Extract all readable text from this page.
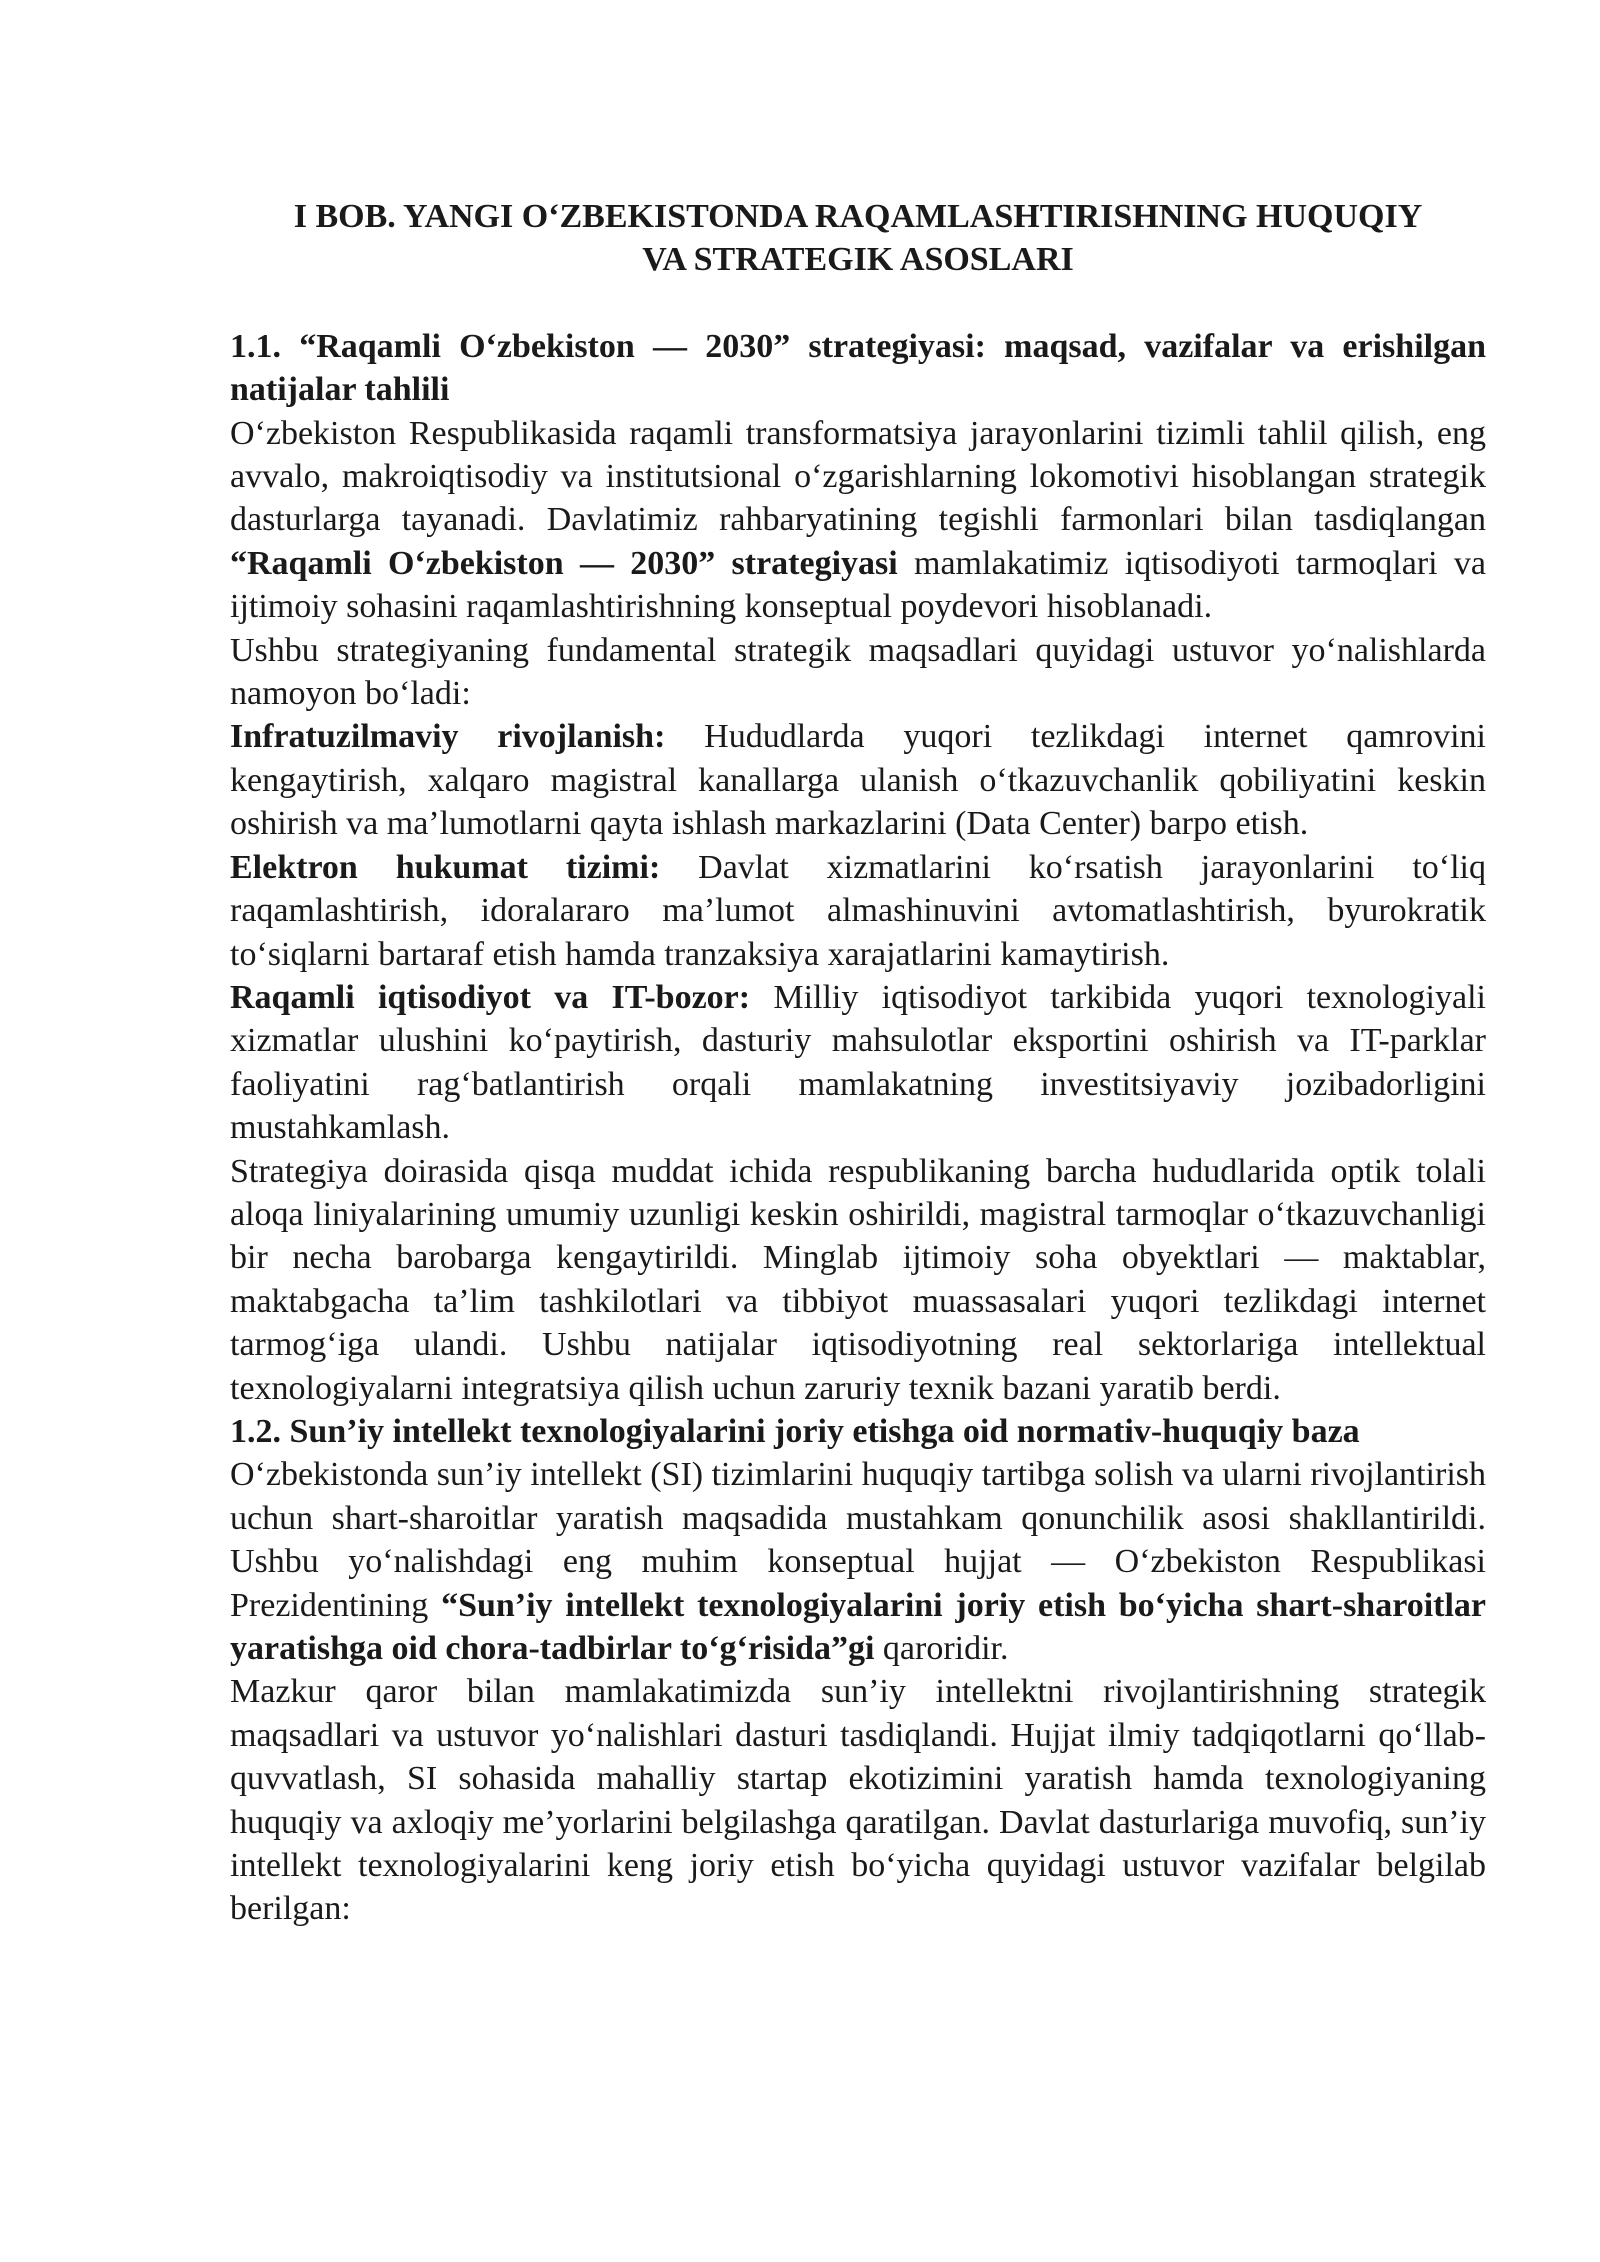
I BOB. YANGI O‘ZBEKISTONDA RAQAMLASHTIRISHNING HUQUQIY
VA STRATEGIK ASOSLARI
1.1. “Raqamli O‘zbekiston — 2030” strategiyasi: maqsad, vazifalar va erishilgan natijalar tahlili

O‘zbekiston Respublikasida raqamli transformatsiya jarayonlarini tizimli tahlil qilish, eng avvalo, makroiqtisodiy va institutsional o‘zgarishlarning lokomotivi hisoblangan strategik dasturlarga tayanadi. Davlatimiz rahbaryatining tegishli farmonlari bilan tasdiqlangan “Raqamli O‘zbekiston — 2030” strategiyasi mamlakatimiz iqtisodiyoti tarmoqlari va ijtimoiy sohasini raqamlashtirishning konseptual poydevori hisoblanadi.

Ushbu strategiyaning fundamental strategik maqsadlari quyidagi ustuvor yo‘nalishlarda namoyon bo‘ladi:

Infratuzilmaviy rivojlanish: Hududlarda yuqori tezlikdagi internet qamrovini kengaytirish, xalqaro magistral kanallarga ulanish o‘tkazuvchanlik qobiliyatini keskin oshirish va ma’lumotlarni qayta ishlash markazlarini (Data Center) barpo etish.

Elektron hukumat tizimi: Davlat xizmatlarini ko‘rsatish jarayonlarini to‘liq raqamlashtirish, idoralararo ma’lumot almashinuvini avtomatlashtirish, byurokratik to‘siqlarni bartaraf etish hamda tranzaksiya xarajatlarini kamaytirish.

Raqamli iqtisodiyot va IT-bozor: Milliy iqtisodiyot tarkibida yuqori texnologiyali xizmatlar ulushini ko‘paytirish, dasturiy mahsulotlar eksportini oshirish va IT-parklar faoliyatini rag‘batlantirish orqali mamlakatning investitsiyaviy jozibadorligini mustahkamlash.

Strategiya doirasida qisqa muddat ichida respublikaning barcha hududlarida optik tolali aloqa liniyalarining umumiy uzunligi keskin oshirildi, magistral tarmoqlar o‘tkazuvchanligi bir necha barobarga kengaytirildi. Minglab ijtimoiy soha obyektlari — maktablar, maktabgacha ta’lim tashkilotlari va tibbiyot muassasalari yuqori tezlikdagi internet tarmog‘iga ulandi. Ushbu natijalar iqtisodiyotning real sektorlariga intellektual texnologiyalarni integratsiya qilish uchun zaruriy texnik bazani yaratib berdi.

1.2. Sun’iy intellekt texnologiyalarini joriy etishga oid normativ-huquqiy baza

O‘zbekistonda sun’iy intellekt (SI) tizimlarini huquqiy tartibga solish va ularni rivojlantirish uchun shart-sharoitlar yaratish maqsadida mustahkam qonunchilik asosi shakllantirildi. Ushbu yo‘nalishdagi eng muhim konseptual hujjat — O‘zbekiston Respublikasi Prezidentining “Sun’iy intellekt texnologiyalarini joriy etish bo‘yicha shart-sharoitlar yaratishga oid chora-tadbirlar to‘g‘risida”gi qaroridir.

Mazkur qaror bilan mamlakatimizda sun’iy intellektni rivojlantirishning strategik maqsadlari va ustuvor yo‘nalishlari dasturi tasdiqlandi. Hujjat ilmiy tadqiqotlarni qo‘llab-quvvatlash, SI sohasida mahalliy startap ekotizimini yaratish hamda texnologiyaning huquqiy va axloqiy me’yorlarini belgilashga qaratilgan. Davlat dasturlariga muvofiq, sun’iy intellekt texnologiyalarini keng joriy etish bo‘yicha quyidagi ustuvor vazifalar belgilab berilgan:
